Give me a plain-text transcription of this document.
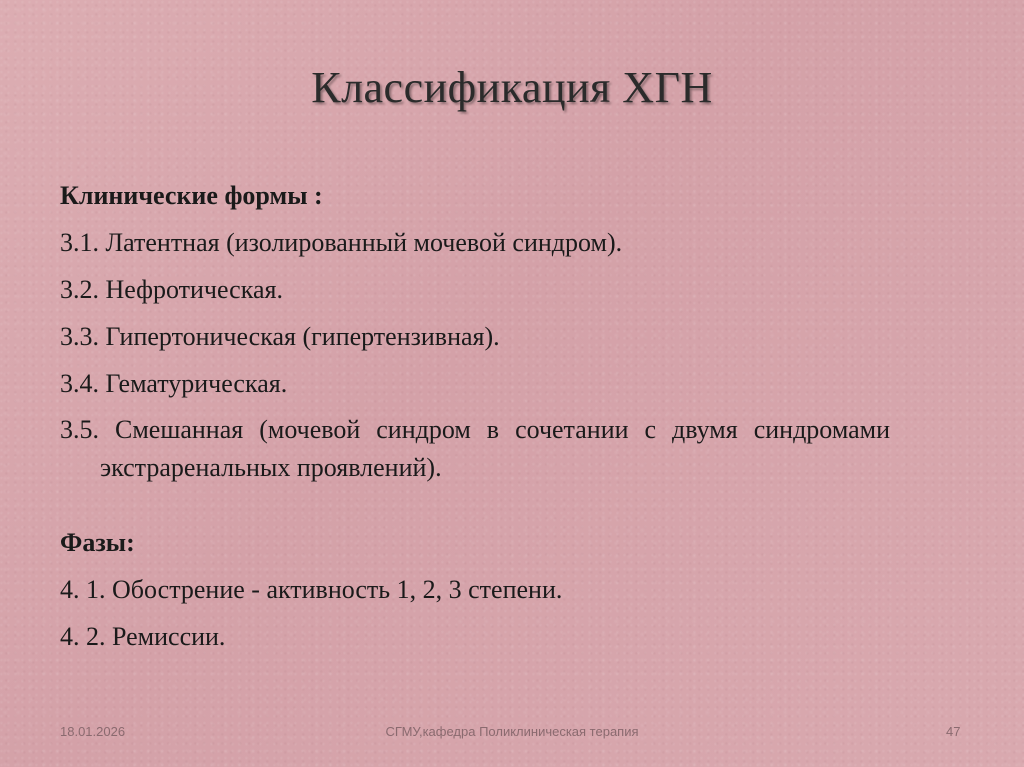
Классификация ХГН
Клинические формы :
3.1. Латентная (изолированный мочевой синдром).
3.2. Нефротическая.
3.3. Гипертоническая (гипертензивная).
3.4. Гематурическая.
3.5. Смешанная (мочевой синдром в сочетании с двумя синдромами экстраренальных проявлений).
Фазы:
4. 1. Обострение - активность 1, 2, 3 степени.
4. 2. Ремиссии.
18.01.2026	СГМУ,кафедра Поликлиническая терапия	47
